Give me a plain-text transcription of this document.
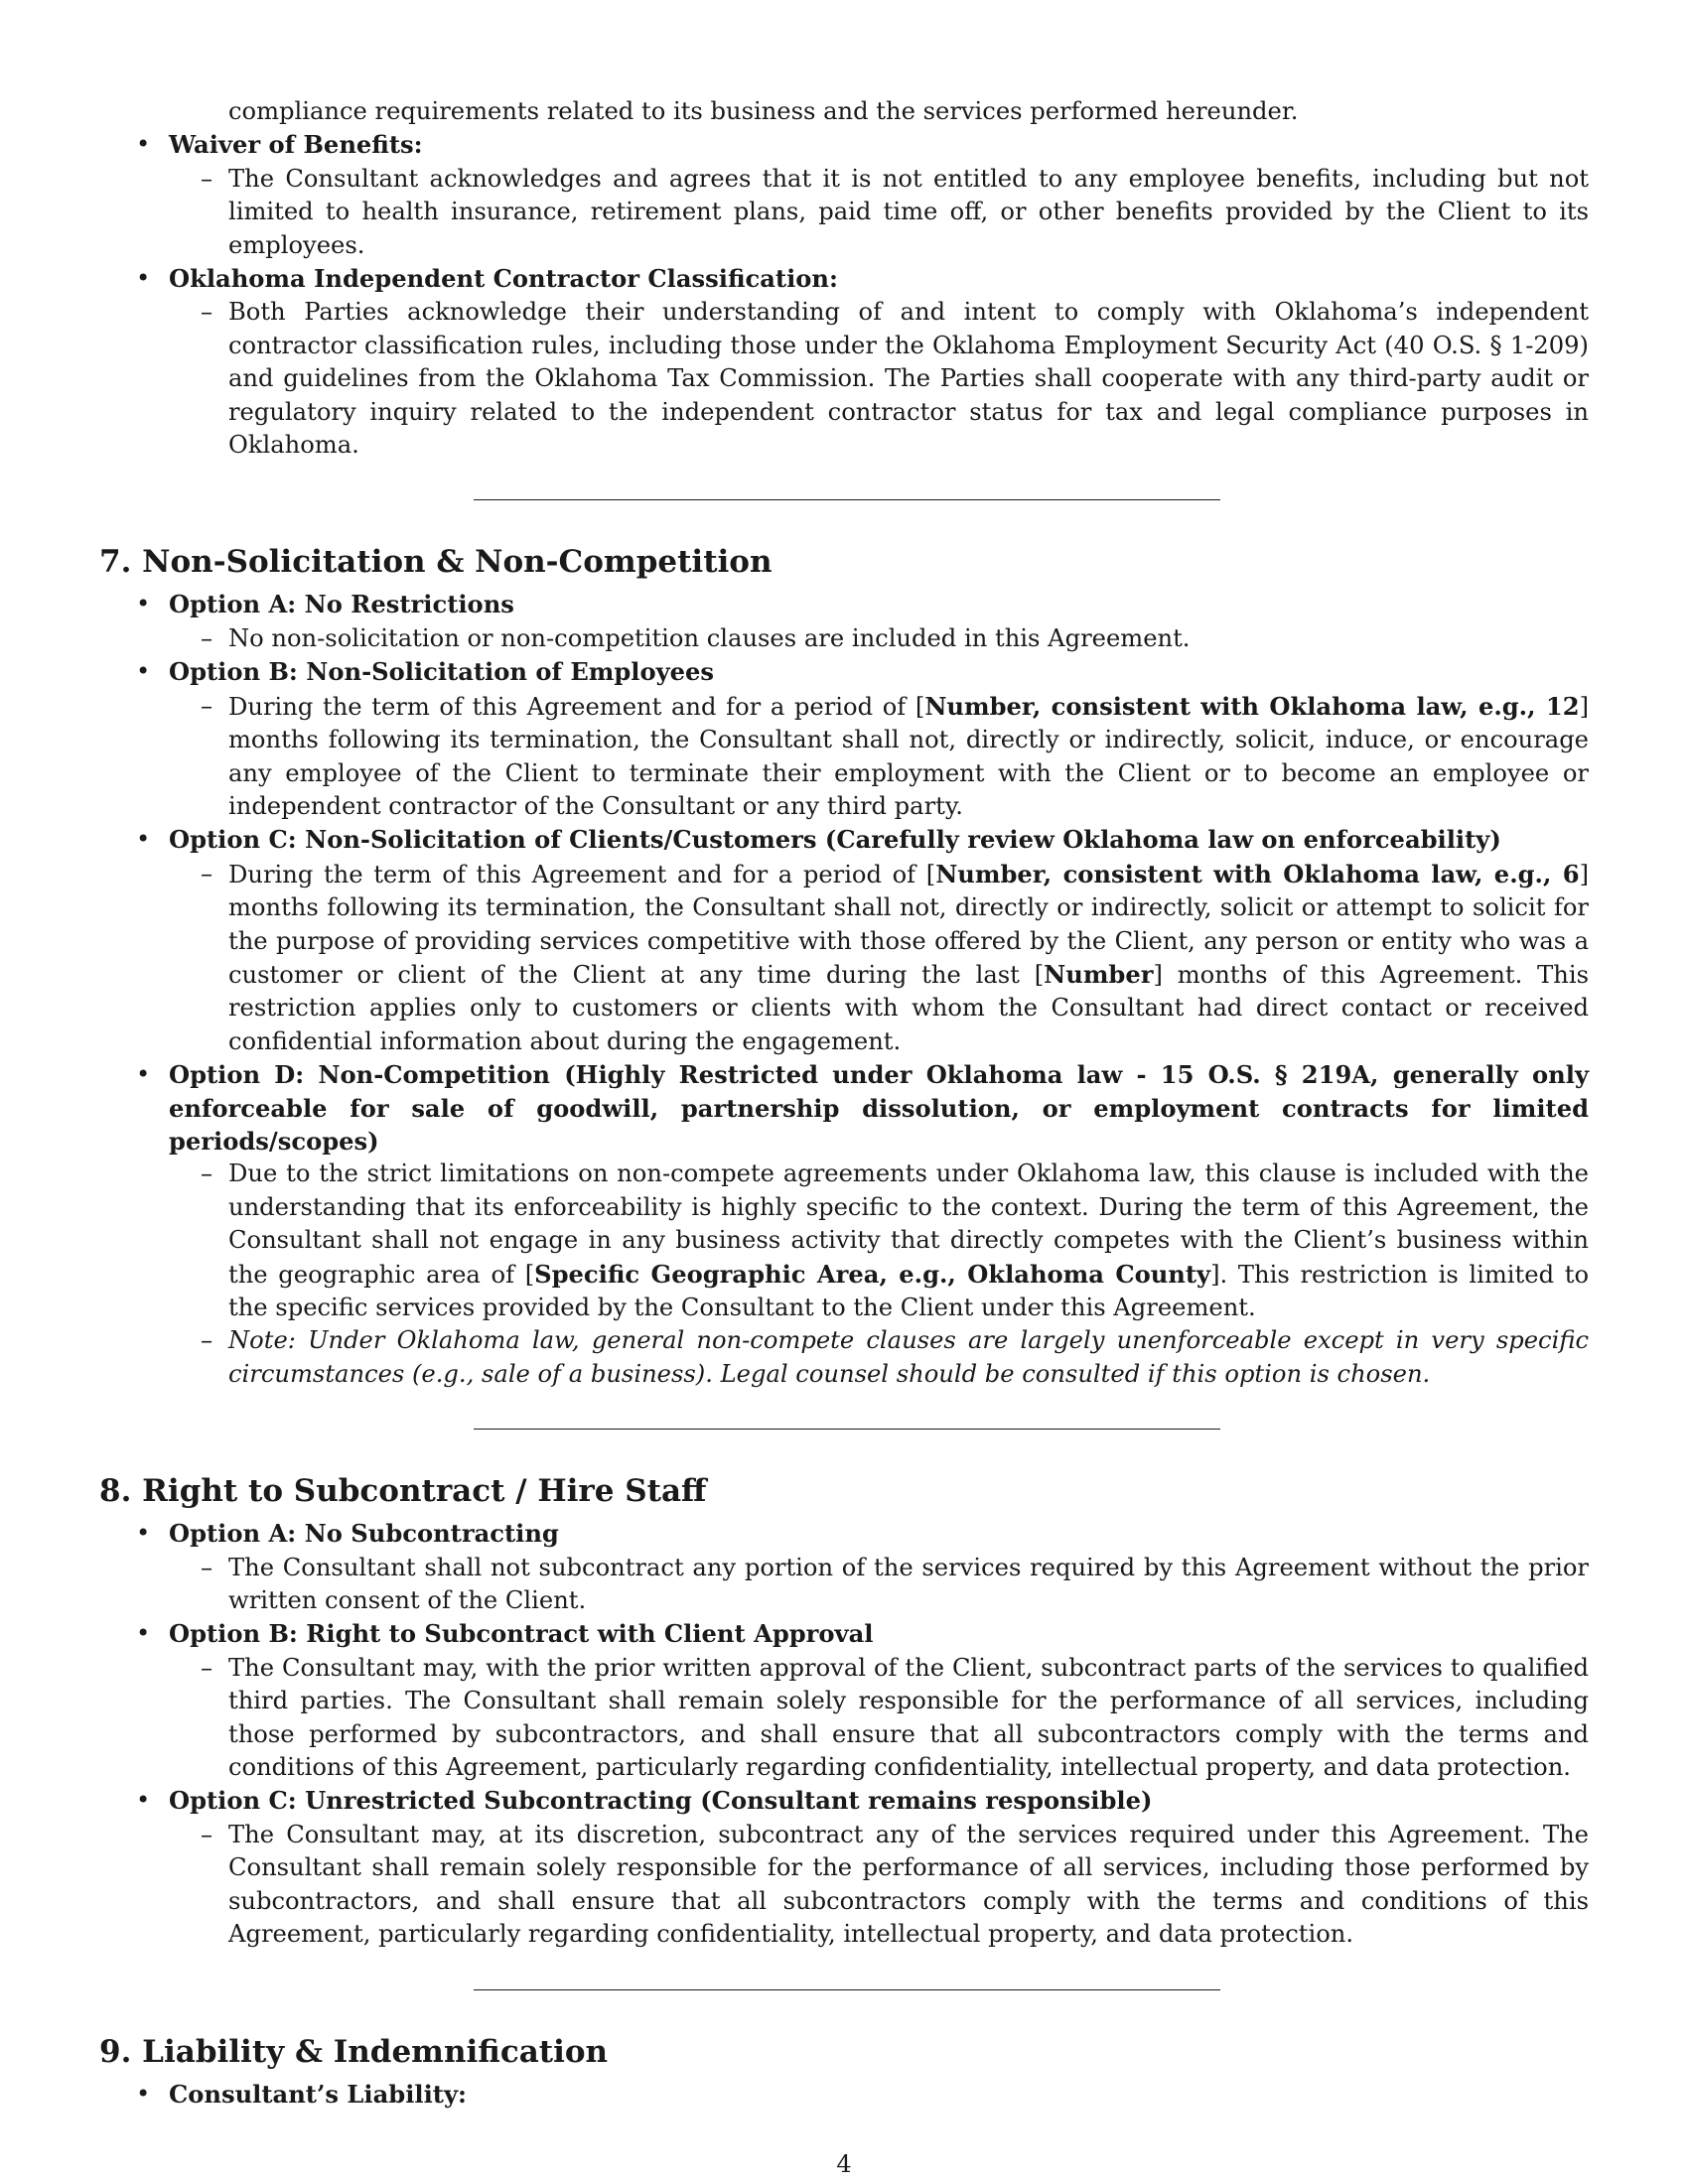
compliance requirements related to its business and the services performed hereunder.
• Waiver of Benefits:
– The Consultant acknowledges and agrees that it is not entitled to any employee benefits, including but not limited to health insurance, retirement plans, paid time off, or other benefits provided by the Client to its employees.
• Oklahoma Independent Contractor Classification:
– Both Parties acknowledge their understanding of and intent to comply with Oklahoma’s independent contractor classification rules, including those under the Oklahoma Employment Security Act (40 O.S. § 1-209) and guidelines from the Oklahoma Tax Commission. The Parties shall cooperate with any third-party audit or regulatory inquiry related to the independent contractor status for tax and legal compliance purposes in Oklahoma.
7. Non-Solicitation & Non-Competition
• Option A: No Restrictions
– No non-solicitation or non-competition clauses are included in this Agreement.
• Option B: Non-Solicitation of Employees
– During the term of this Agreement and for a period of [Number, consistent with Oklahoma law, e.g., 12] months following its termination, the Consultant shall not, directly or indirectly, solicit, induce, or encourage any employee of the Client to terminate their employment with the Client or to become an employee or independent contractor of the Consultant or any third party.
• Option C: Non-Solicitation of Clients/Customers (Carefully review Oklahoma law on enforceability)
– During the term of this Agreement and for a period of [Number, consistent with Oklahoma law, e.g., 6] months following its termination, the Consultant shall not, directly or indirectly, solicit or attempt to solicit for the purpose of providing services competitive with those offered by the Client, any person or entity who was a customer or client of the Client at any time during the last [Number] months of this Agreement. This restriction applies only to customers or clients with whom the Consultant had direct contact or received confidential information about during the engagement.
• Option D: Non-Competition (Highly Restricted under Oklahoma law - 15 O.S. § 219A, generally only enforceable for sale of goodwill, partnership dissolution, or employment contracts for limited periods/scopes)
– Due to the strict limitations on non-compete agreements under Oklahoma law, this clause is included with the understanding that its enforceability is highly specific to the context. During the term of this Agreement, the Consultant shall not engage in any business activity that directly competes with the Client’s business within the geographic area of [Specific Geographic Area, e.g., Oklahoma County]. This restriction is limited to the specific services provided by the Consultant to the Client under this Agreement.
– Note: Under Oklahoma law, general non-compete clauses are largely unenforceable except in very specific circumstances (e.g., sale of a business). Legal counsel should be consulted if this option is chosen.
8. Right to Subcontract / Hire Staff
• Option A: No Subcontracting
– The Consultant shall not subcontract any portion of the services required by this Agreement without the prior written consent of the Client.
• Option B: Right to Subcontract with Client Approval
– The Consultant may, with the prior written approval of the Client, subcontract parts of the services to qualified third parties. The Consultant shall remain solely responsible for the performance of all services, including those performed by subcontractors, and shall ensure that all subcontractors comply with the terms and conditions of this Agreement, particularly regarding confidentiality, intellectual property, and data protection.
• Option C: Unrestricted Subcontracting (Consultant remains responsible)
– The Consultant may, at its discretion, subcontract any of the services required under this Agreement. The Consultant shall remain solely responsible for the performance of all services, including those performed by subcontractors, and shall ensure that all subcontractors comply with the terms and conditions of this Agreement, particularly regarding confidentiality, intellectual property, and data protection.
9. Liability & Indemnification
• Consultant’s Liability:
4
